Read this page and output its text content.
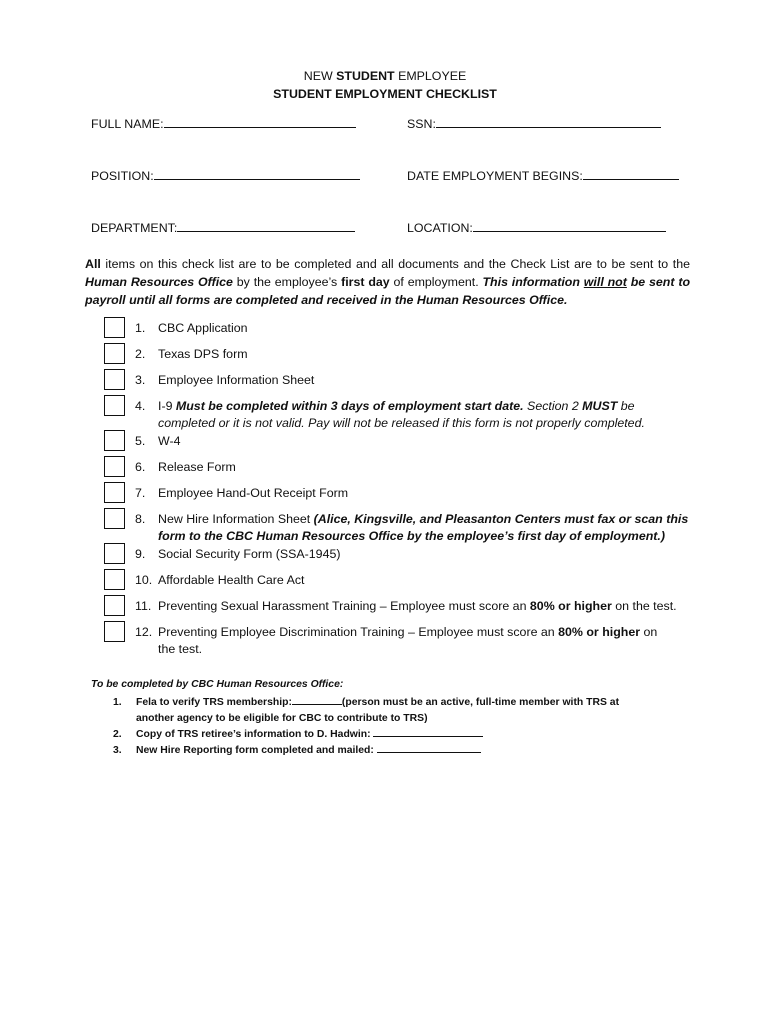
NEW STUDENT EMPLOYEE
STUDENT EMPLOYMENT CHECKLIST
FULL NAME:	SSN:
POSITION:	DATE EMPLOYMENT BEGINS:
DEPARTMENT:	LOCATION:
All items on this check list are to be completed and all documents and the Check List are to be sent to the Human Resources Office by the employee’s first day of employment. This information will not be sent to payroll until all forms are completed and received in the Human Resources Office.
1. CBC Application
2. Texas DPS form
3. Employee Information Sheet
4. I-9 Must be completed within 3 days of employment start date. Section 2 MUST be
completed or it is not valid. Pay will not be released if this form is not properly completed.
5. W-4
6. Release Form
7. Employee Hand-Out Receipt Form
8. New Hire Information Sheet (Alice, Kingsville, and Pleasanton Centers must fax or scan this
form to the CBC Human Resources Office by the employee’s first day of employment.)
9. Social Security Form (SSA-1945)
10. Affordable Health Care Act
11. Preventing Sexual Harassment Training – Employee must score an 80% or higher on the test.
12. Preventing Employee Discrimination Training – Employee must score an 80% or higher on
the test.
To be completed by CBC Human Resources Office:
1. Fela to verify TRS membership:	(person must be an active, full-time member with TRS at
another agency to be eligible for CBC to contribute to TRS)
2. Copy of TRS retiree’s information to D. Hadwin:
3. New Hire Reporting form completed and mailed:
